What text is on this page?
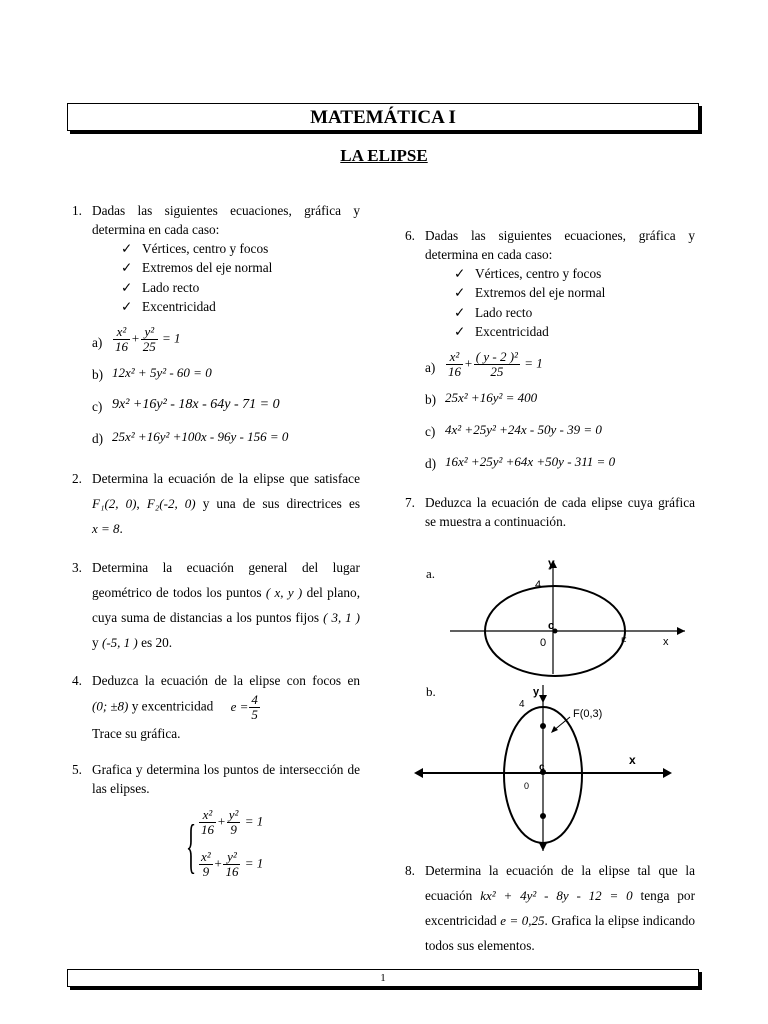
MATEMÁTICA I
LA ELIPSE
1. Dadas las siguientes ecuaciones, gráfica y determina en cada caso:
✓ Vértices, centro y focos
✓ Extremos del eje normal
✓ Lado recto
✓ Excentricidad
$a) \frac{\text{x²}}{16} + \frac{\text{y²}}{25} = 1$
b) 12x² + 5y² - 60 = 0
c) 9x² +16y² - 18x - 64y - 71 = 0
d) 25x² +16y² +100x - 96y - 156 = 0
2. Determina la ecuación de la elipse que satisface F₁(2, 0), F₂(-2, 0) y una de sus directrices es x = 8.
3. Determina la ecuación general del lugar geométrico de todos los puntos ( x, y ) del plano, cuya suma de distancias a los puntos fijos ( 3, 1 ) y (-5, 1 ) es 20.
4. Deduzca la ecuación de la elipse con focos en (0; ±8) y excentricidad $e = \frac{4}{5}$

Trace su gráfica.
5. Grafica y determina los puntos de intersección de las elipses.
{ $\frac{\text{x²}}{16} + \frac{\text{y²}}{9} = 1$
$\frac{\text{x²}}{9} + \frac{\text{y²}}{16} = 1$
6. Dadas las siguientes ecuaciones, gráfica y determina en cada caso:
✓ Vértices, centro y focos
✓ Extremos del eje normal
✓ Lado recto
✓ Excentricidad
$a) \frac{\text{x²}}{16} + \frac{\text{( y - 2 )²}}{25} = 1$
b) 25x² +16y² = 400
c) 4x² +25y² +24x - 50y - 39 = 0
d) 16x² +25y² +64x +50y - 311 = 0
7. Deduzca la ecuación de cada elipse cuya gráfica se muestra a continuación.
a.
y
4
0
c
F	x
b.	y
4
F(0,3)
c
0
x
8. Determina la ecuación de la elipse tal que la ecuación kx² + 4y² - 8y - 12 = 0 tenga por excentricidad e = 0,25. Grafica la elipse indicando todos sus elementos.
1
